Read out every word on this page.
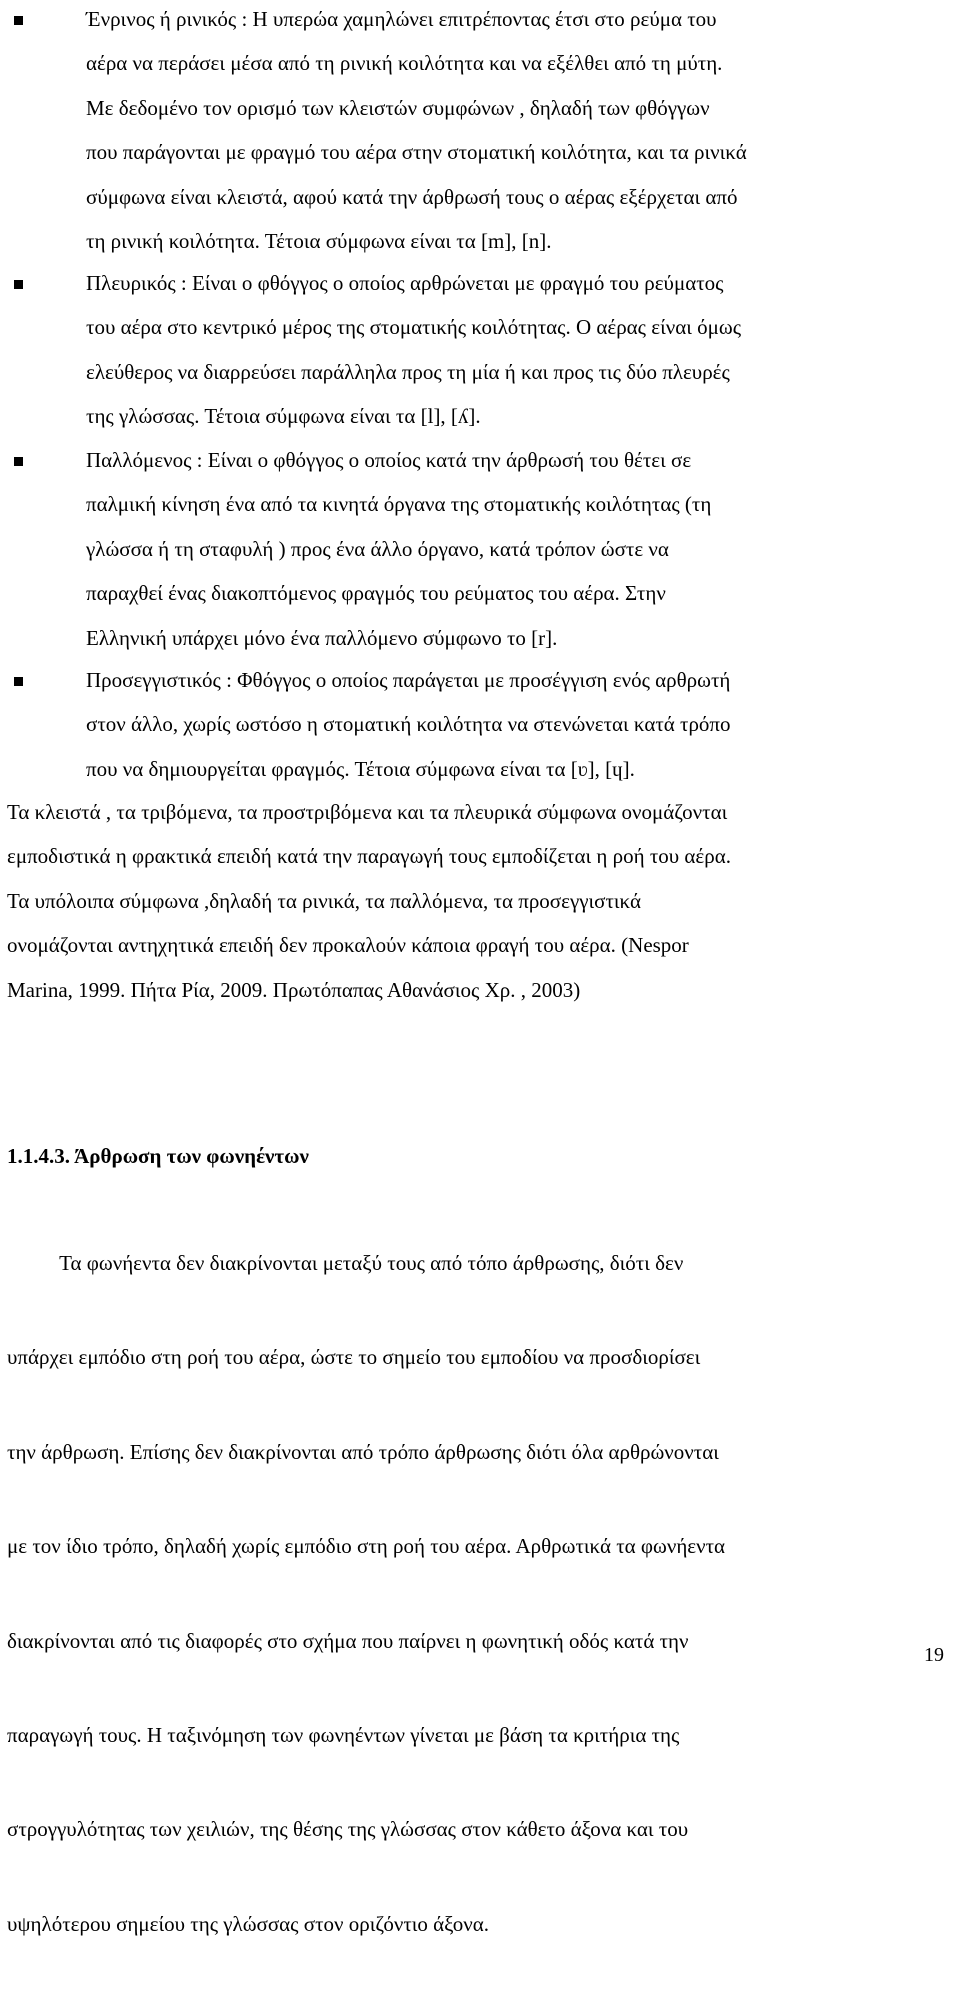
Ένρινος ή ρινικός : Η υπερώα χαμηλώνει επιτρέποντας έτσι στο ρεύμα του
αέρα να περάσει μέσα από τη ρινική κοιλότητα και να εξέλθει από τη μύτη.
Με δεδομένο τον ορισμό των κλειστών συμφώνων , δηλαδή των φθόγγων
που παράγονται με φραγμό του αέρα στην στοματική κοιλότητα, και τα ρινικά
σύμφωνα είναι κλειστά, αφού κατά την άρθρωσή τους ο αέρας εξέρχεται από
τη ρινική κοιλότητα. Τέτοια σύμφωνα είναι τα [m], [n].
Πλευρικός : Είναι ο φθόγγος ο οποίος αρθρώνεται με φραγμό του ρεύματος
του αέρα στο κεντρικό μέρος της στοματικής κοιλότητας. Ο αέρας είναι όμως
ελεύθερος να διαρρεύσει παράλληλα προς τη μία ή και προς τις δύο πλευρές
της γλώσσας. Τέτοια σύμφωνα είναι τα [l], [ʎ].
Παλλόμενος : Είναι ο φθόγγος ο οποίος κατά την άρθρωσή του θέτει σε
παλμική κίνηση ένα από τα κινητά όργανα της στοματικής κοιλότητας (τη
γλώσσα ή τη σταφυλή ) προς ένα άλλο όργανο, κατά τρόπον ώστε να
παραχθεί ένας διακοπτόμενος φραγμός του ρεύματος του αέρα. Στην
Ελληνική υπάρχει μόνο ένα παλλόμενο σύμφωνο το [r].
Προσεγγιστικός : Φθόγγος ο οποίος παράγεται με προσέγγιση ενός αρθρωτή
στον άλλο, χωρίς ωστόσο η στοματική κοιλότητα να στενώνεται κατά τρόπο
που να δημιουργείται φραγμός. Τέτοια σύμφωνα είναι τα [ʋ], [ɥ].
Τα κλειστά , τα τριβόμενα, τα προστριβόμενα και τα πλευρικά σύμφωνα ονομάζονται
εμποδιστικά η φρακτικά επειδή κατά την παραγωγή τους εμποδίζεται η ροή του αέρα.
Τα υπόλοιπα σύμφωνα ,δηλαδή τα ρινικά, τα παλλόμενα, τα προσεγγιστικά
ονομάζονται αντηχητικά επειδή δεν προκαλούν κάποια φραγή του αέρα. (Nespor
Marina, 1999. Πήτα Ρία, 2009. Πρωτόπαπας Αθανάσιος Χρ. , 2003)
1.1.4.3. Άρθρωση των φωνηέντων

Τα φωνήεντα δεν διακρίνονται μεταξύ τους από τόπο άρθρωσης, διότι δεν

υπάρχει εμπόδιο στη ροή του αέρα, ώστε το σημείο του εμποδίου να προσδιορίσει

την άρθρωση. Επίσης δεν διακρίνονται από τρόπο άρθρωσης διότι όλα αρθρώνονται

με τον ίδιο τρόπο, δηλαδή χωρίς εμπόδιο στη ροή του αέρα. Αρθρωτικά τα φωνήεντα

διακρίνονται από τις διαφορές στο σχήμα που παίρνει η φωνητική οδός κατά την

παραγωγή τους. Η ταξινόμηση των φωνηέντων γίνεται με βάση τα κριτήρια της

στρογγυλότητας των χειλιών, της θέσης της γλώσσας στον κάθετο άξονα και του

υψηλότερου σημείου της γλώσσας στον οριζόντιο άξονα.

19
